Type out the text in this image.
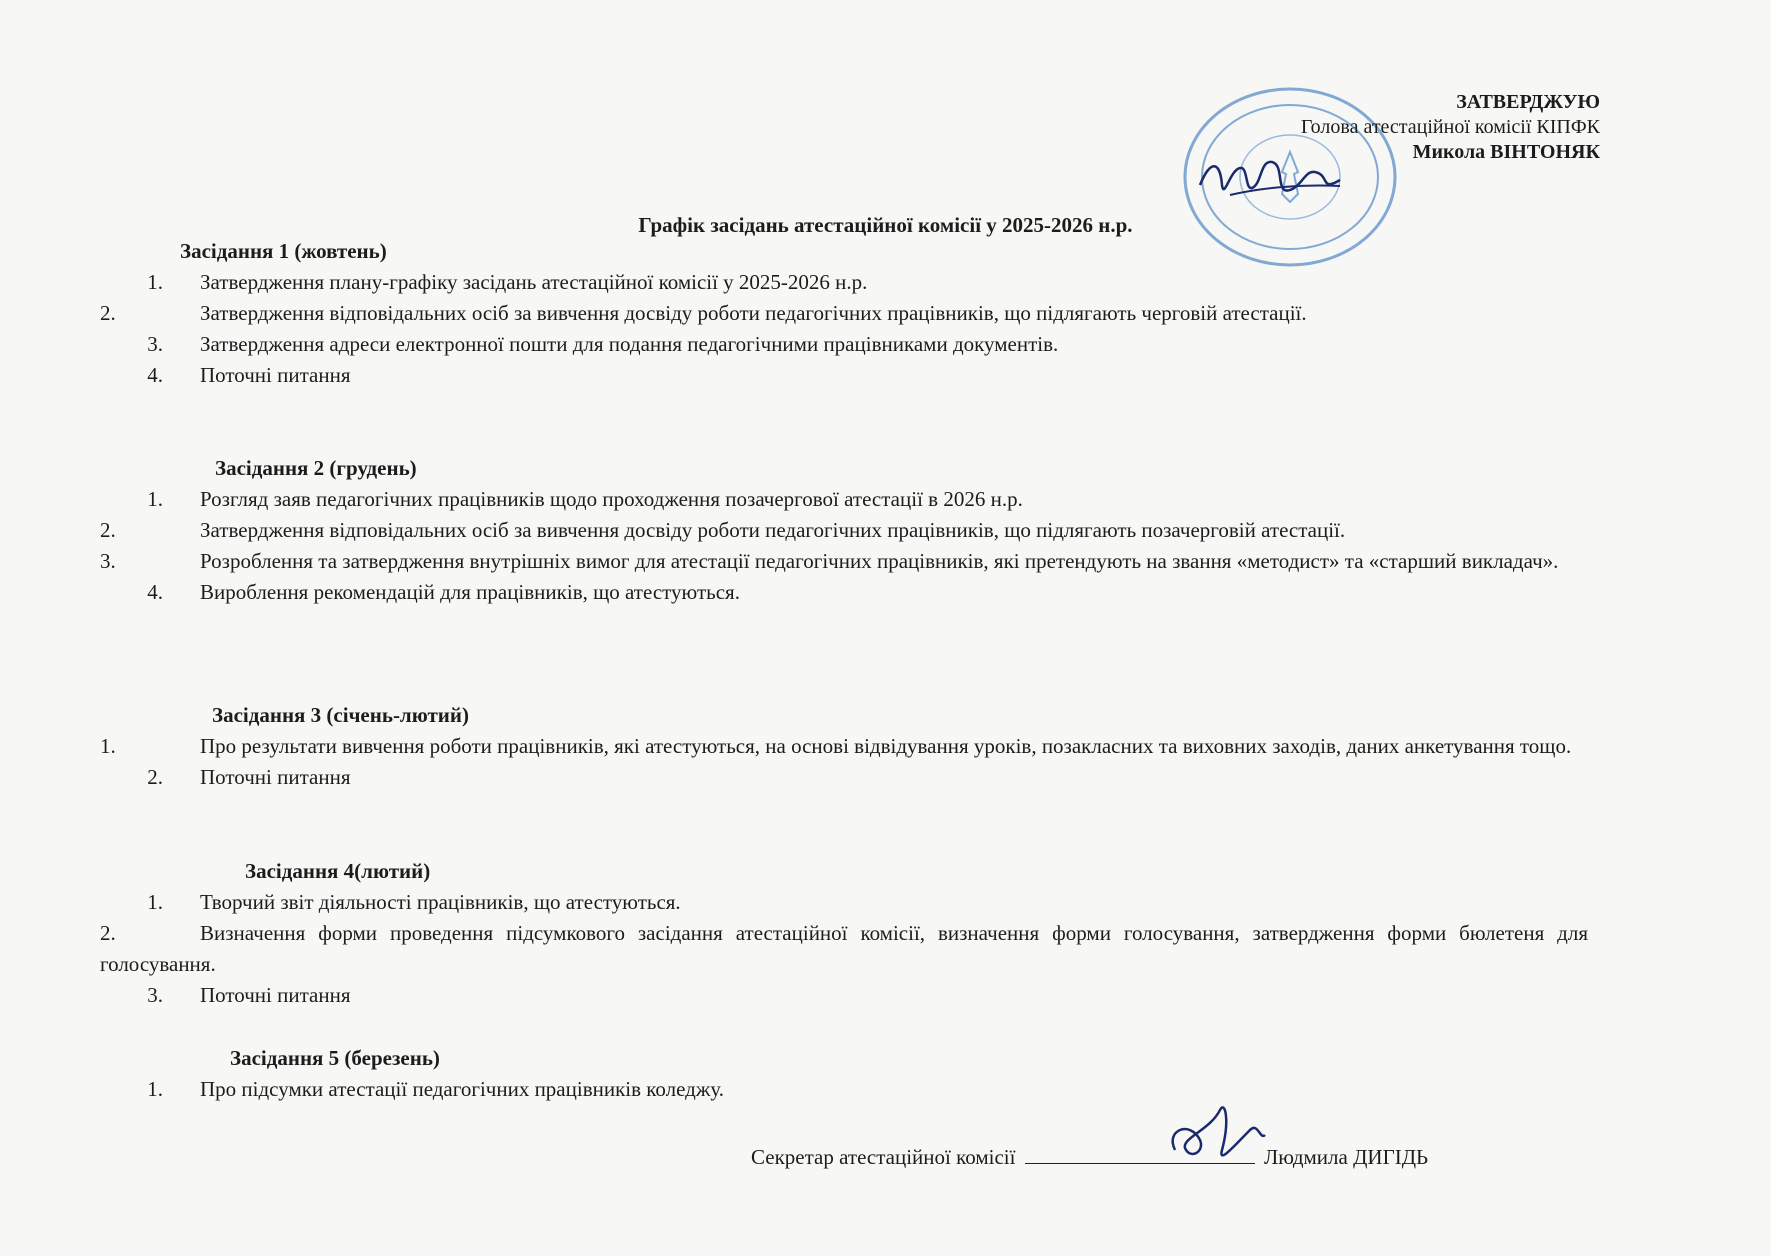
ЗАТВЕРДЖУЮ
Голова атестаційної комісії КІПФК
Микола ВІНТОНЯК
Графік засідань атестаційної комісії у 2025-2026 н.р.
Засідання 1 (жовтень)
1.	Затвердження плану-графіку засідань атестаційної комісії у 2025-2026 н.р.
2.	Затвердження відповідальних осіб за вивчення досвіду роботи педагогічних працівників, що підлягають черговій атестації.
3.	Затвердження адреси електронної пошти для подання педагогічними працівниками документів.
4.	Поточні питання
Засідання 2 (грудень)
1.	Розгляд заяв педагогічних працівників щодо проходження позачергової атестації в 2026 н.р.
2.	Затвердження відповідальних осіб за вивчення досвіду роботи педагогічних працівників, що підлягають позачерговій атестації.
3.	Розроблення та затвердження внутрішніх вимог для атестації педагогічних працівників, які претендують на звання «методист» та «старший викладач».
4.	Вироблення рекомендацій для працівників, що атестуються.
Засідання 3 (січень-лютий)
1.	Про результати вивчення роботи працівників, які атестуються, на основі відвідування уроків, позакласних та виховних заходів, даних анкетування тощо.
2.	Поточні питання
Засідання 4(лютий)
1.	Творчий звіт діяльності працівників, що атестуються.
2.	Визначення форми проведення підсумкового засідання атестаційної комісії, визначення форми голосування, затвердження форми бюлетеня для голосування.
3.	Поточні питання
Засідання 5 (березень)
1.	Про підсумки атестації педагогічних працівників коледжу.
Секретар атестаційної комісії	Людмила ДИГІДЬ
